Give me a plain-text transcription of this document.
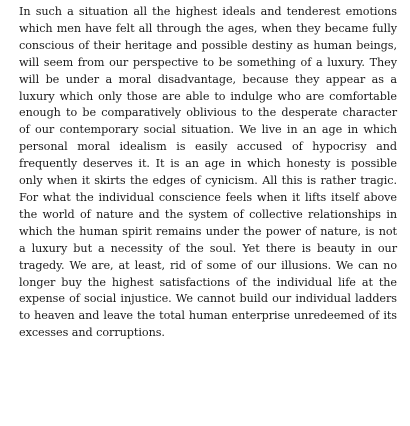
In such a situation all the highest ideals and tenderest emotions which men have felt all through the ages, when they became fully conscious of their heritage and possible destiny as human beings, will seem from our perspective to be something of a luxury. They will be under a moral disadvantage, because they appear as a luxury which only those are able to indulge who are comfortable enough to be comparatively oblivious to the desperate character of our contemporary social situation. We live in an age in which personal moral idealism is easily accused of hypocrisy and frequently deserves it. It is an age in which honesty is possible only when it skirts the edges of cynicism. All this is rather tragic. For what the individual conscience feels when it lifts itself above the world of nature and the system of collective relationships in which the human spirit remains under the power of nature, is not a luxury but a necessity of the soul. Yet there is beauty in our tragedy. We are, at least, rid of some of our illusions. We can no longer buy the highest satisfactions of the individual life at the expense of social injustice. We cannot build our individual ladders to heaven and leave the total human enterprise unredeemed of its excesses and corruptions.
